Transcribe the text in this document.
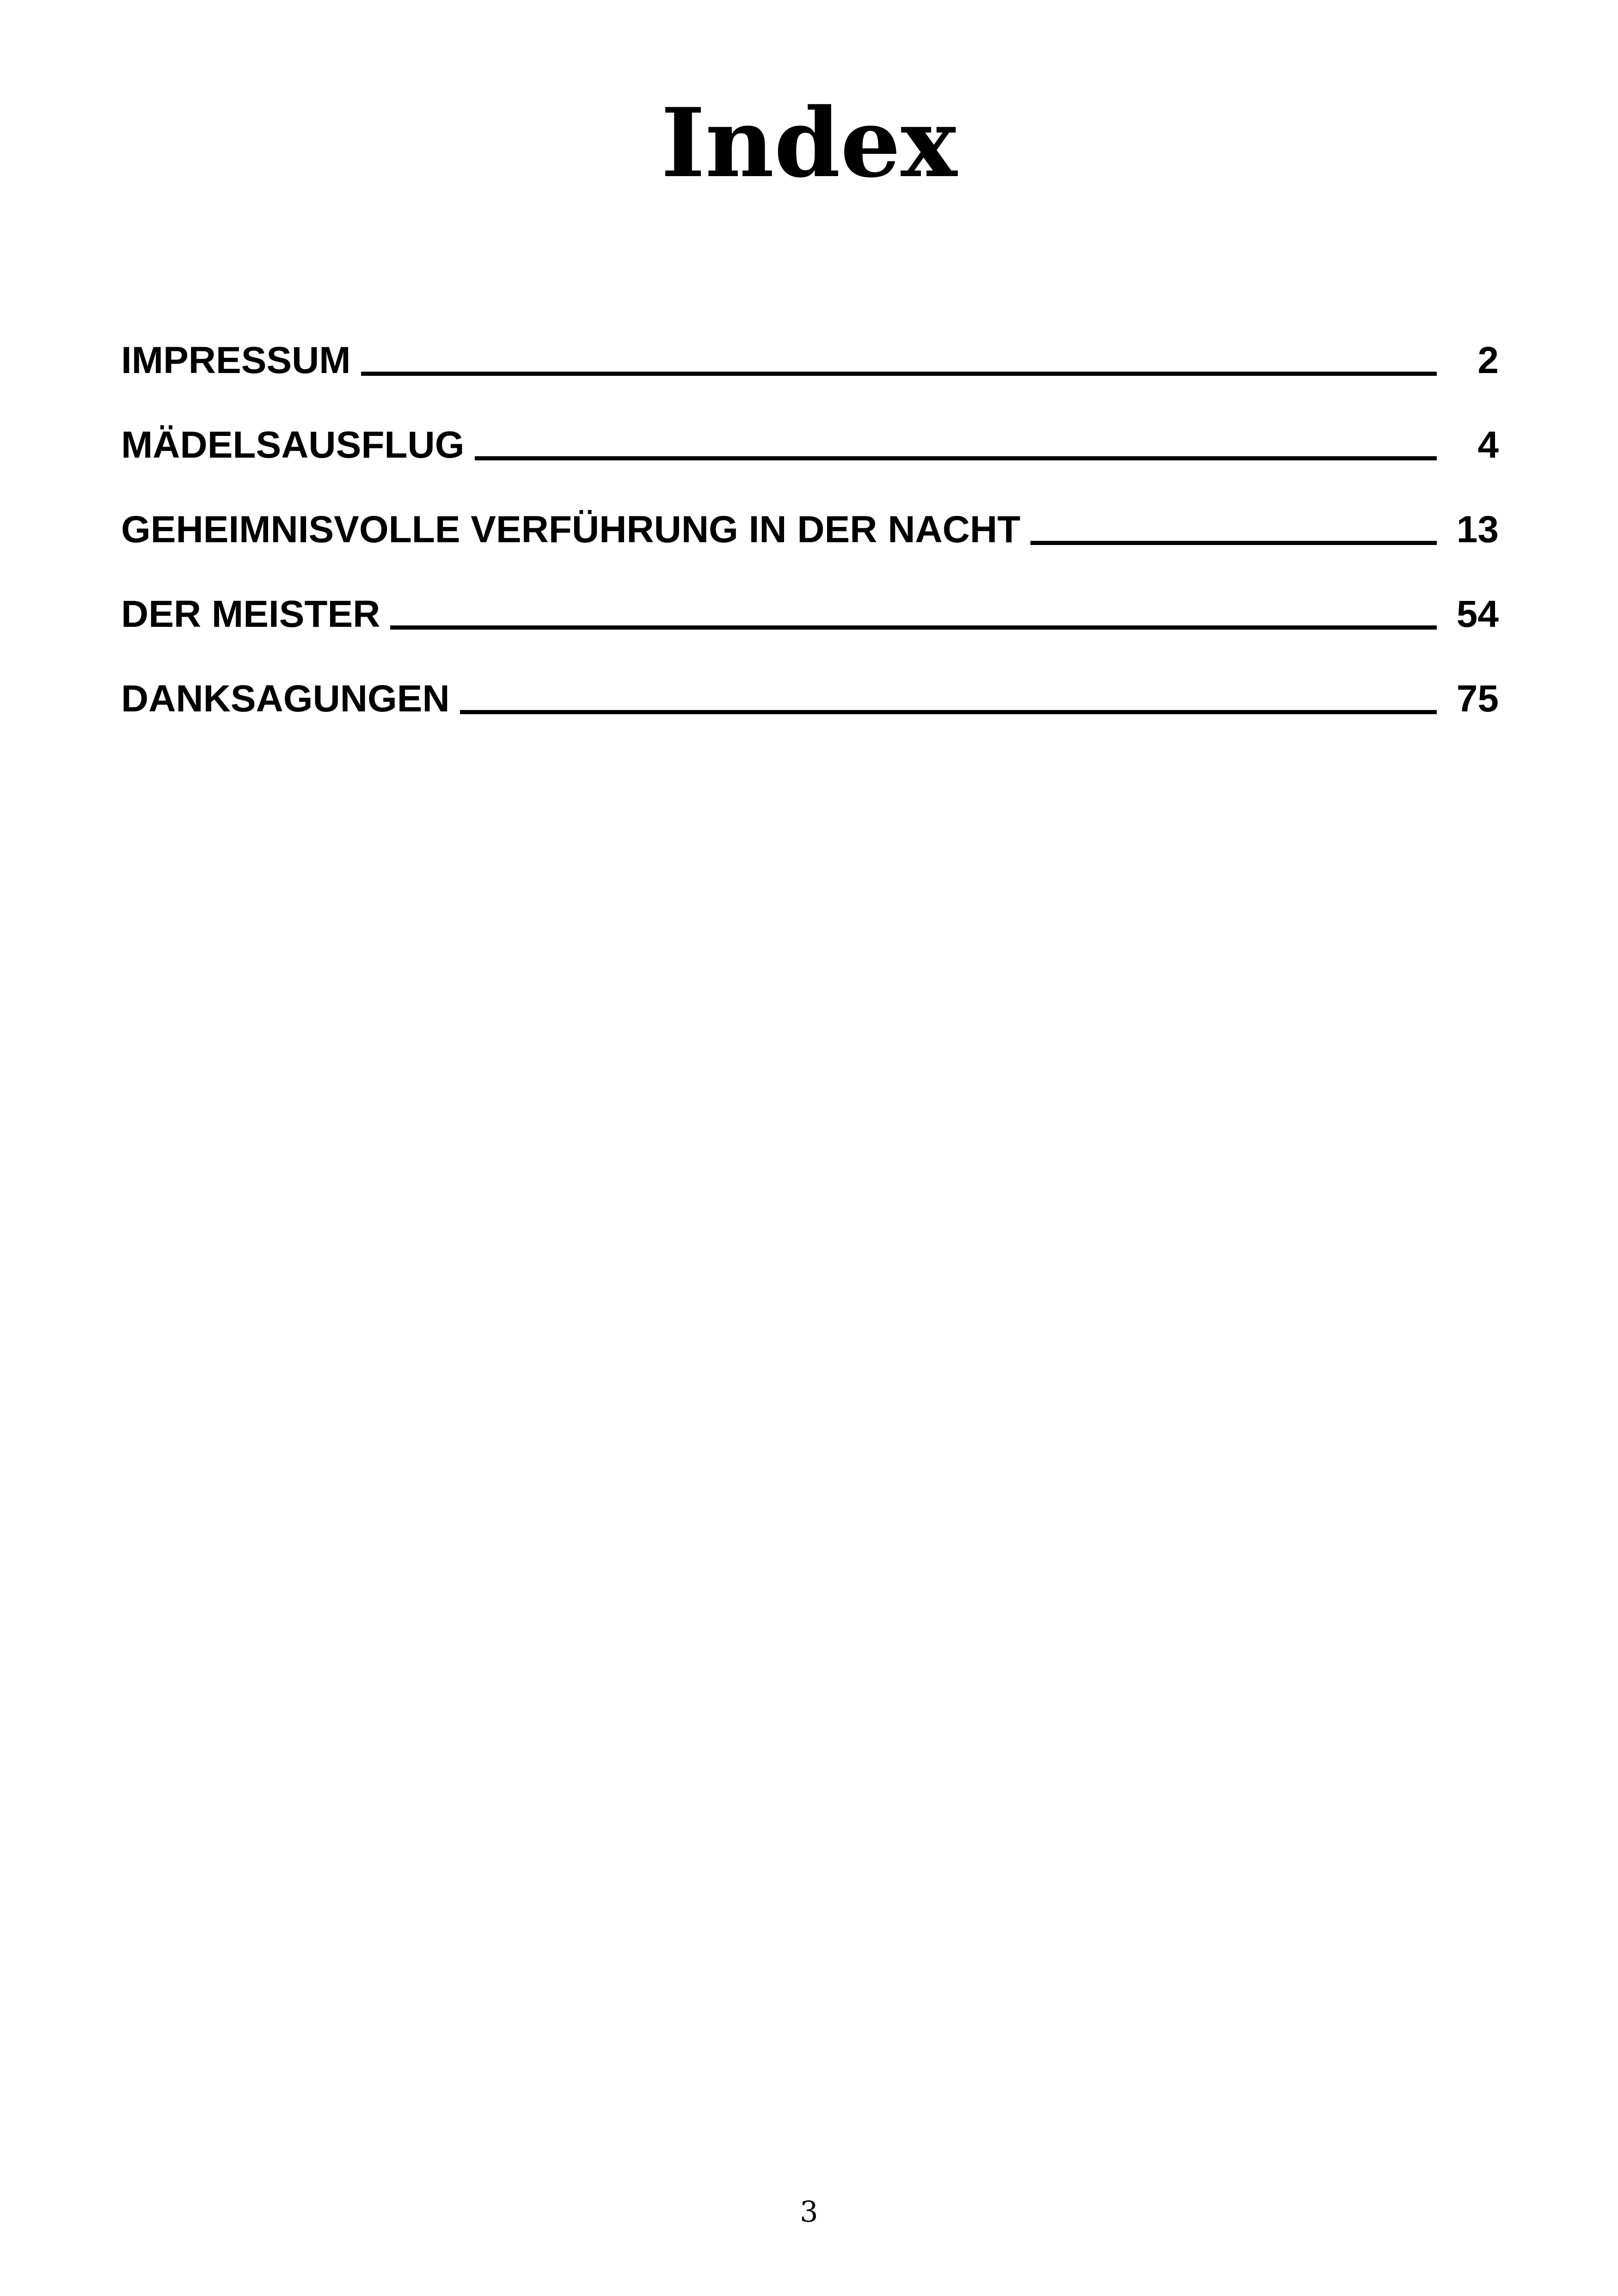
Index
IMPRESSUM	2
MÄDELSAUSFLUG	4
GEHEIMNISVOLLE VERFÜHRUNG IN DER NACHT	13
DER MEISTER	54
DANKSAGUNGEN	75
3
